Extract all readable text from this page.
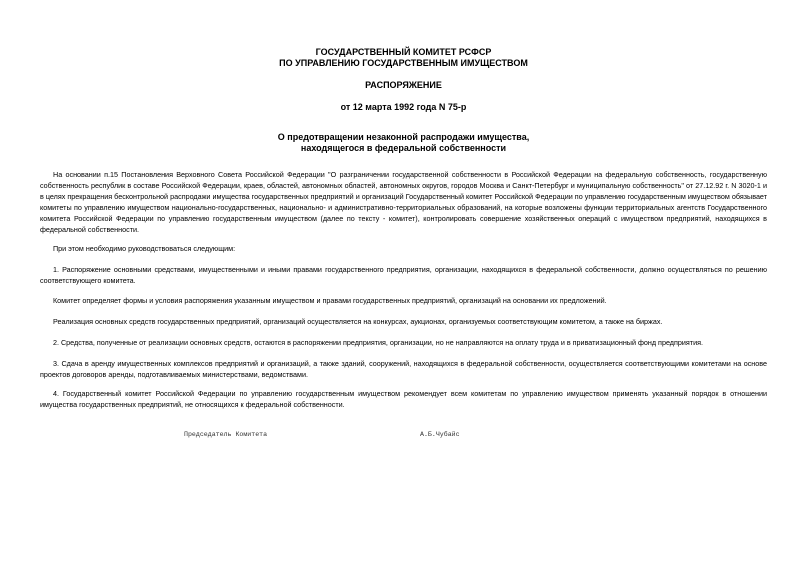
ГОСУДАРСТВЕННЫЙ КОМИТЕТ РСФСР
ПО УПРАВЛЕНИЮ ГОСУДАРСТВЕННЫМ ИМУЩЕСТВОМ
РАСПОРЯЖЕНИЕ
от 12 марта 1992 года N 75-р
О предотвращении незаконной распродажи имущества,
находящегося в федеральной собственности

На основании п.15 Постановления Верховного Совета Российской Федерации "О разграничении государственной собственности в Российской Федерации на федеральную собственность, государственную собственность республик в составе Российской Федерации, краев, областей, автономных областей, автономных округов, городов Москва и Санкт-Петербург и муниципальную собственность" от 27.12.92 г. N 3020-1 и в целях прекращения бесконтрольной распродажи имущества государственных предприятий и организаций Государственный комитет Российской Федерации по управлению государственным имуществом обязывает комитеты по управлению имуществом национально-государственных, национально- и административно-территориальных образований, на которые возложены функции территориальных агентств Государственного комитета Российской Федерации по управлению государственным имуществом (далее по тексту - комитет), контролировать совершение хозяйственных операций с имуществом предприятий, находящихся в федеральной собственности.

При этом необходимо руководствоваться следующим:

1. Распоряжение основными средствами, имущественными и иными правами государственного предприятия, организации, находящихся в федеральной собственности, должно осуществляться по решению соответствующего комитета.

Комитет определяет формы и условия распоряжения указанным имуществом и правами государственных предприятий, организаций на основании их предложений.

Реализация основных средств государственных предприятий, организаций осуществляется на конкурсах, аукционах, организуемых соответствующим комитетом, а также на биржах.

2. Средства, полученные от реализации основных средств, остаются в распоряжении предприятия, организации, но не направляются на оплату труда и в приватизационный фонд предприятия.

3. Сдача в аренду имущественных комплексов предприятий и организаций, а также зданий, сооружений, находящихся в федеральной собственности, осуществляется соответствующими комитетами на основе проектов договоров аренды, подготавливаемых министерствами, ведомствами.

4. Государственный комитет Российской Федерации по управлению государственным имуществом рекомендует всем комитетам по управлению имуществом применять указанный порядок в отношении имущества государственных предприятий, не относящихся к федеральной собственности.

Председатель Комитета	А.Б.Чубайс
